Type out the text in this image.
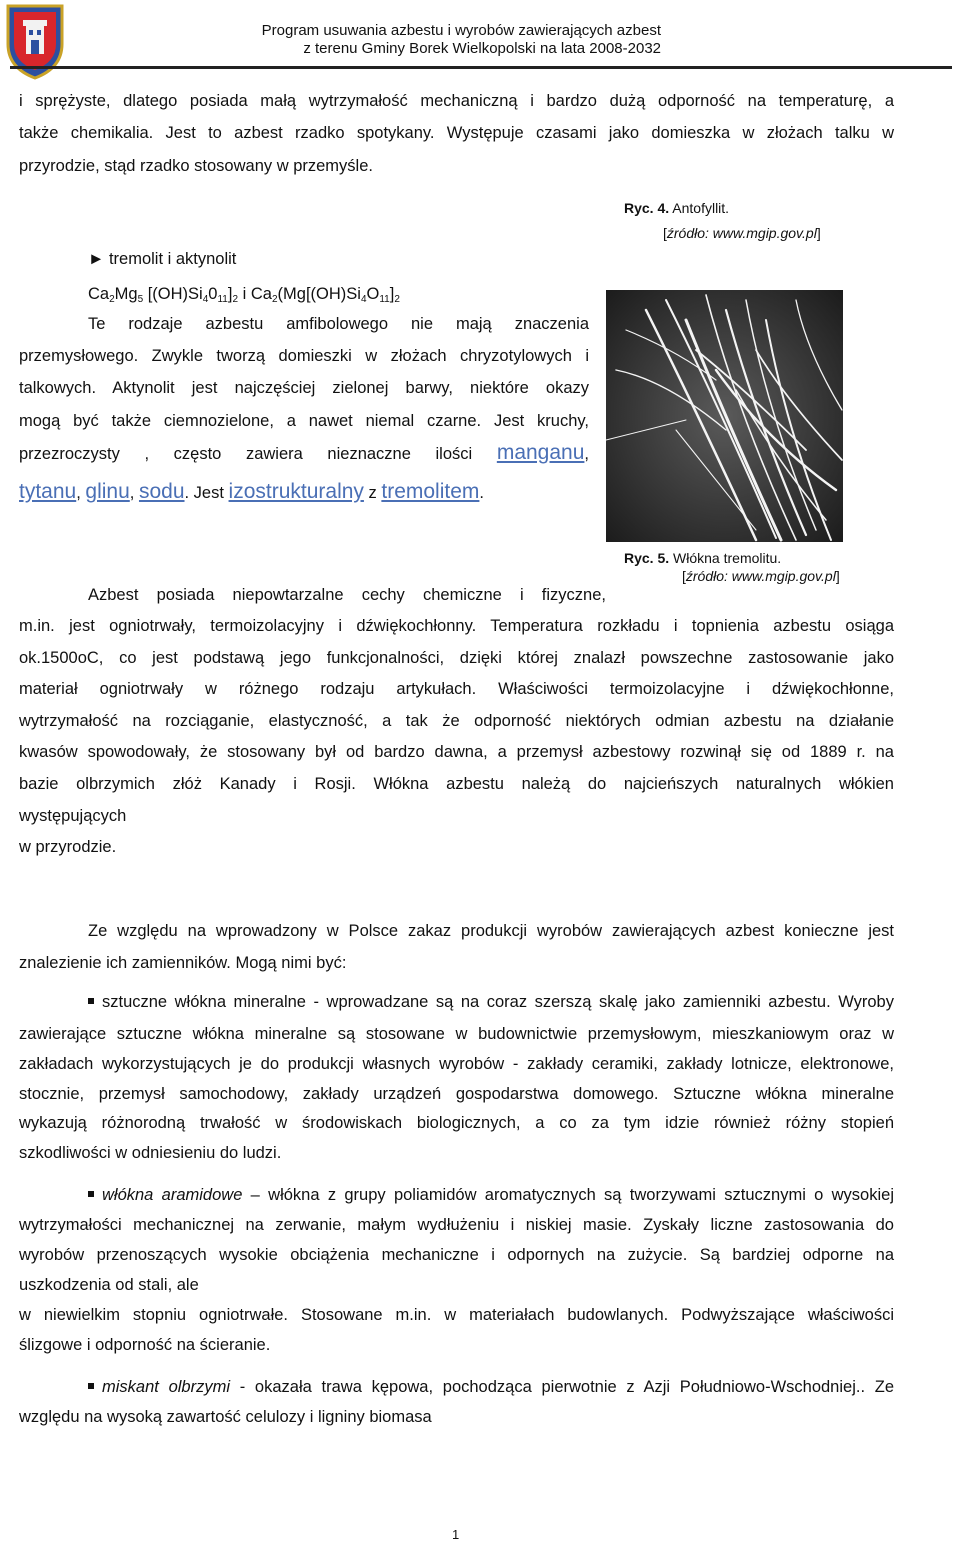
Program usuwania azbestu i wyrobów zawierających azbest
z terenu Gminy Borek Wielkopolski na lata 2008-2032
i sprężyste, dlatego posiada małą wytrzymałość mechaniczną i bardzo dużą odporność na temperaturę, a
także chemikalia. Jest to azbest rzadko spotykany. Występuje czasami jako domieszka w złożach talku w
przyrodzie, stąd rzadko stosowany w przemyśle.
Ryc. 4. Antofyllit.
[źródło: www.mgip.gov.pl]
► tremolit i aktynolit
$Ca_2Mg_5$ $[(OH)Si_40_{11}]_2$ i $Ca_2(Mg[(OH)Si_4O_{11}]_2$
Te rodzaje azbestu amfibolowego nie mają znaczenia
przemysłowego. Zwykle tworzą domieszki w złożach chryzotylowych i
talkowych. Aktynolit jest najczęściej zielonej barwy, niektóre okazy
mogą być także ciemnozielone, a nawet niemal czarne. Jest kruchy,
przezroczysty , często zawiera nieznaczne ilości manganu,
tytanu, glinu, sodu. Jest izostrukturalny z tremolitem.
Ryc. 5. Włókna tremolitu.
[źródło: www.mgip.gov.pl]
Azbest posiada niepowtarzalne cechy chemiczne i fizyczne,
m.in. jest ogniotrwały, termoizolacyjny i dźwiękochłonny. Temperatura rozkładu i topnienia azbestu osiąga
ok.1500oC, co jest podstawą jego funkcjonalności, dzięki której znalazł powszechne zastosowanie jako
materiał ogniotrwały w różnego rodzaju artykułach. Właściwości termoizolacyjne i dźwiękochłonne,
wytrzymałość na rozciąganie, elastyczność, a tak że odporność niektórych odmian azbestu na działanie
kwasów spowodowały, że stosowany był od bardzo dawna, a przemysł azbestowy rozwinął się od 1889 r. na
bazie olbrzymich złóż Kanady i Rosji. Włókna azbestu należą do najcieńszych naturalnych włókien
występujących
w przyrodzie.
Ze względu na wprowadzony w Polsce zakaz produkcji wyrobów zawierających azbest konieczne jest
znalezienie ich zamienników. Mogą nimi być:
sztuczne włókna mineralne - wprowadzane są na coraz szerszą skalę jako zamienniki azbestu. Wyroby
zawierające sztuczne włókna mineralne są stosowane w budownictwie przemysłowym, mieszkaniowym oraz w
zakładach wykorzystujących je do produkcji własnych wyrobów - zakłady ceramiki, zakłady lotnicze, elektronowe,
stocznie, przemysł samochodowy, zakłady urządzeń gospodarstwa domowego. Sztuczne włókna mineralne
wykazują różnorodną trwałość w środowiskach biologicznych, a co za tym idzie również różny stopień
szkodliwości w odniesieniu do ludzi.
włókna aramidowe – włókna z grupy poliamidów aromatycznych są tworzywami sztucznymi o wysokiej
wytrzymałości mechanicznej na zerwanie, małym wydłużeniu i niskiej masie. Zyskały liczne zastosowania do
wyrobów przenoszących wysokie obciążenia mechaniczne i odpornych na zużycie. Są bardziej odporne na
uszkodzenia od stali, ale
w niewielkim stopniu ogniotrwałe. Stosowane m.in. w materiałach budowlanych. Podwyższające właściwości
ślizgowe i odporność na ścieranie.
miskant olbrzymi - okazała trawa kępowa, pochodząca pierwotnie z Azji Południowo-Wschodniej.. Ze
względu na wysoką zawartość celulozy i ligniny biomasa
1
